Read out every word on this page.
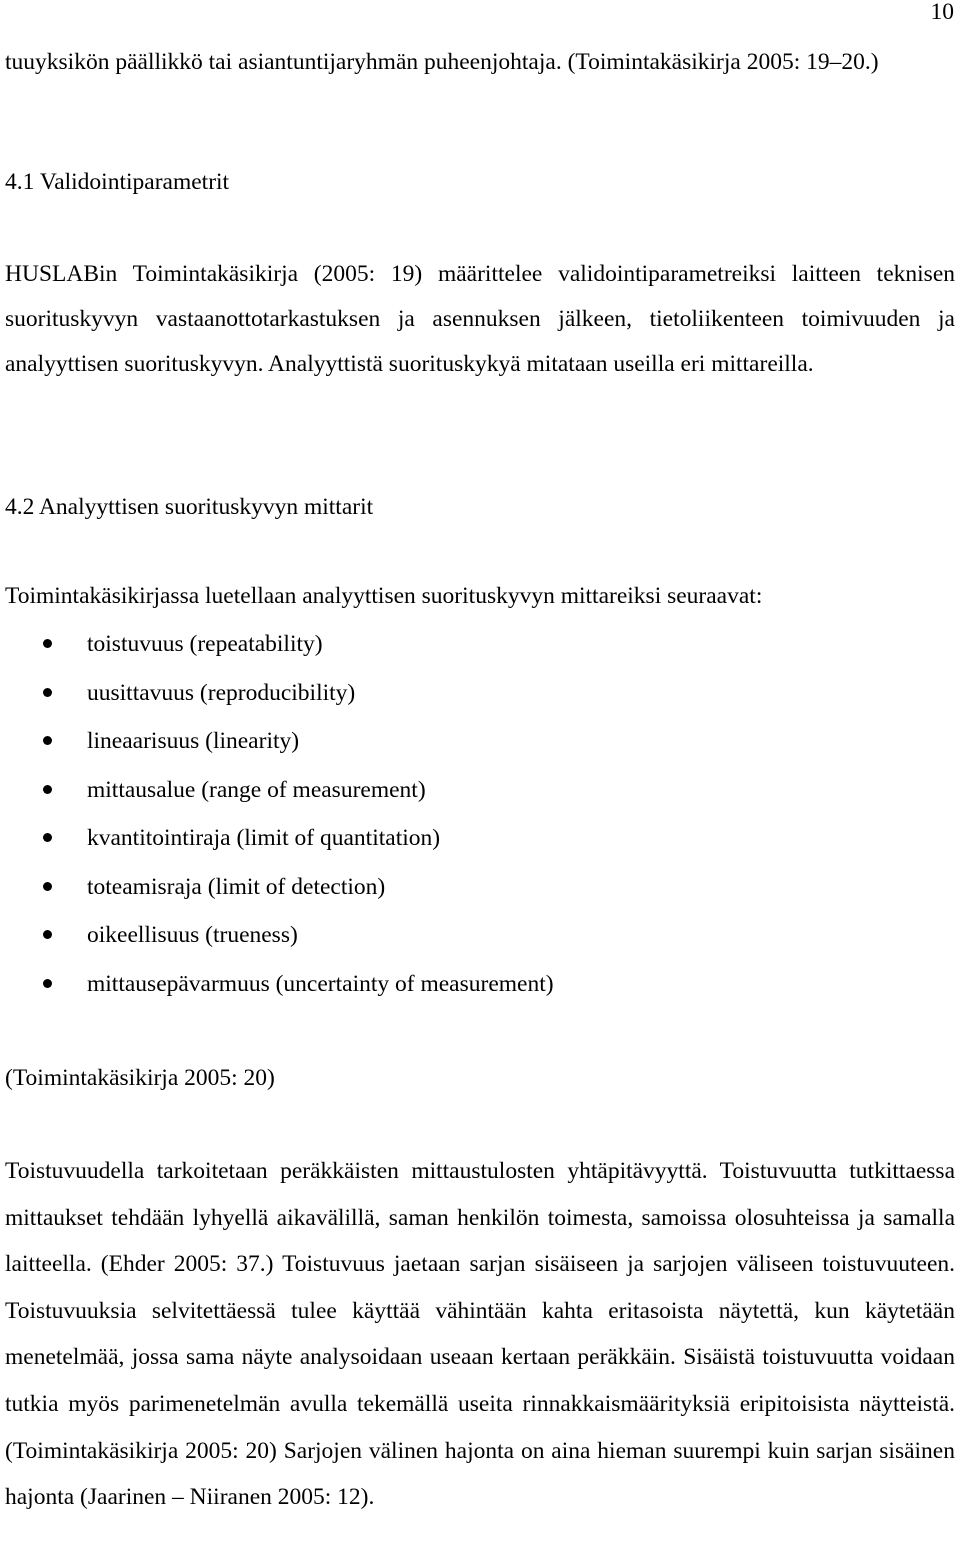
10
tuuyksikön päällikkö tai asiantuntijaryhmän puheenjohtaja. (Toimintakäsikirja 2005: 19–20.)
4.1 Validointiparametrit
HUSLABin Toimintakäsikirja (2005: 19) määrittelee validointiparametreiksi laitteen teknisen suorituskyvyn vastaanottotarkastuksen ja asennuksen jälkeen, tietoliikenteen toimivuuden ja analyyttisen suorituskyvyn. Analyyttistä suorituskykyä mitataan useilla eri mittareilla.
4.2 Analyyttisen suorituskyvyn mittarit
Toimintakäsikirjassa luetellaan analyyttisen suorituskyvyn mittareiksi seuraavat:
toistuvuus (repeatability)
uusittavuus (reproducibility)
lineaarisuus (linearity)
mittausalue (range of measurement)
kvantitointiraja (limit of quantitation)
toteamisraja (limit of detection)
oikeellisuus (trueness)
mittausepävarmuus (uncertainty of measurement)
(Toimintakäsikirja 2005: 20)
Toistuvuudella tarkoitetaan peräkkäisten mittaustulosten yhtäpitävyyttä. Toistuvuutta tutkittaessa mittaukset tehdään lyhyellä aikavälillä, saman henkilön toimesta, samoissa olosuhteissa ja samalla laitteella. (Ehder 2005: 37.) Toistuvuus jaetaan sarjan sisäiseen ja sarjojen väliseen toistuvuuteen. Toistuvuuksia selvitettäessä tulee käyttää vähintään kahta eritasoista näytettä, kun käytetään menetelmää, jossa sama näyte analysoidaan useaan kertaan peräkkäin. Sisäistä toistuvuutta voidaan tutkia myös parimenetelmän avulla tekemällä useita rinnakkaismäärityksiä eripitoisista näytteistä. (Toimintakäsikirja 2005: 20) Sarjojen välinen hajonta on aina hieman suurempi kuin sarjan sisäinen hajonta (Jaarinen – Niiranen 2005: 12).
